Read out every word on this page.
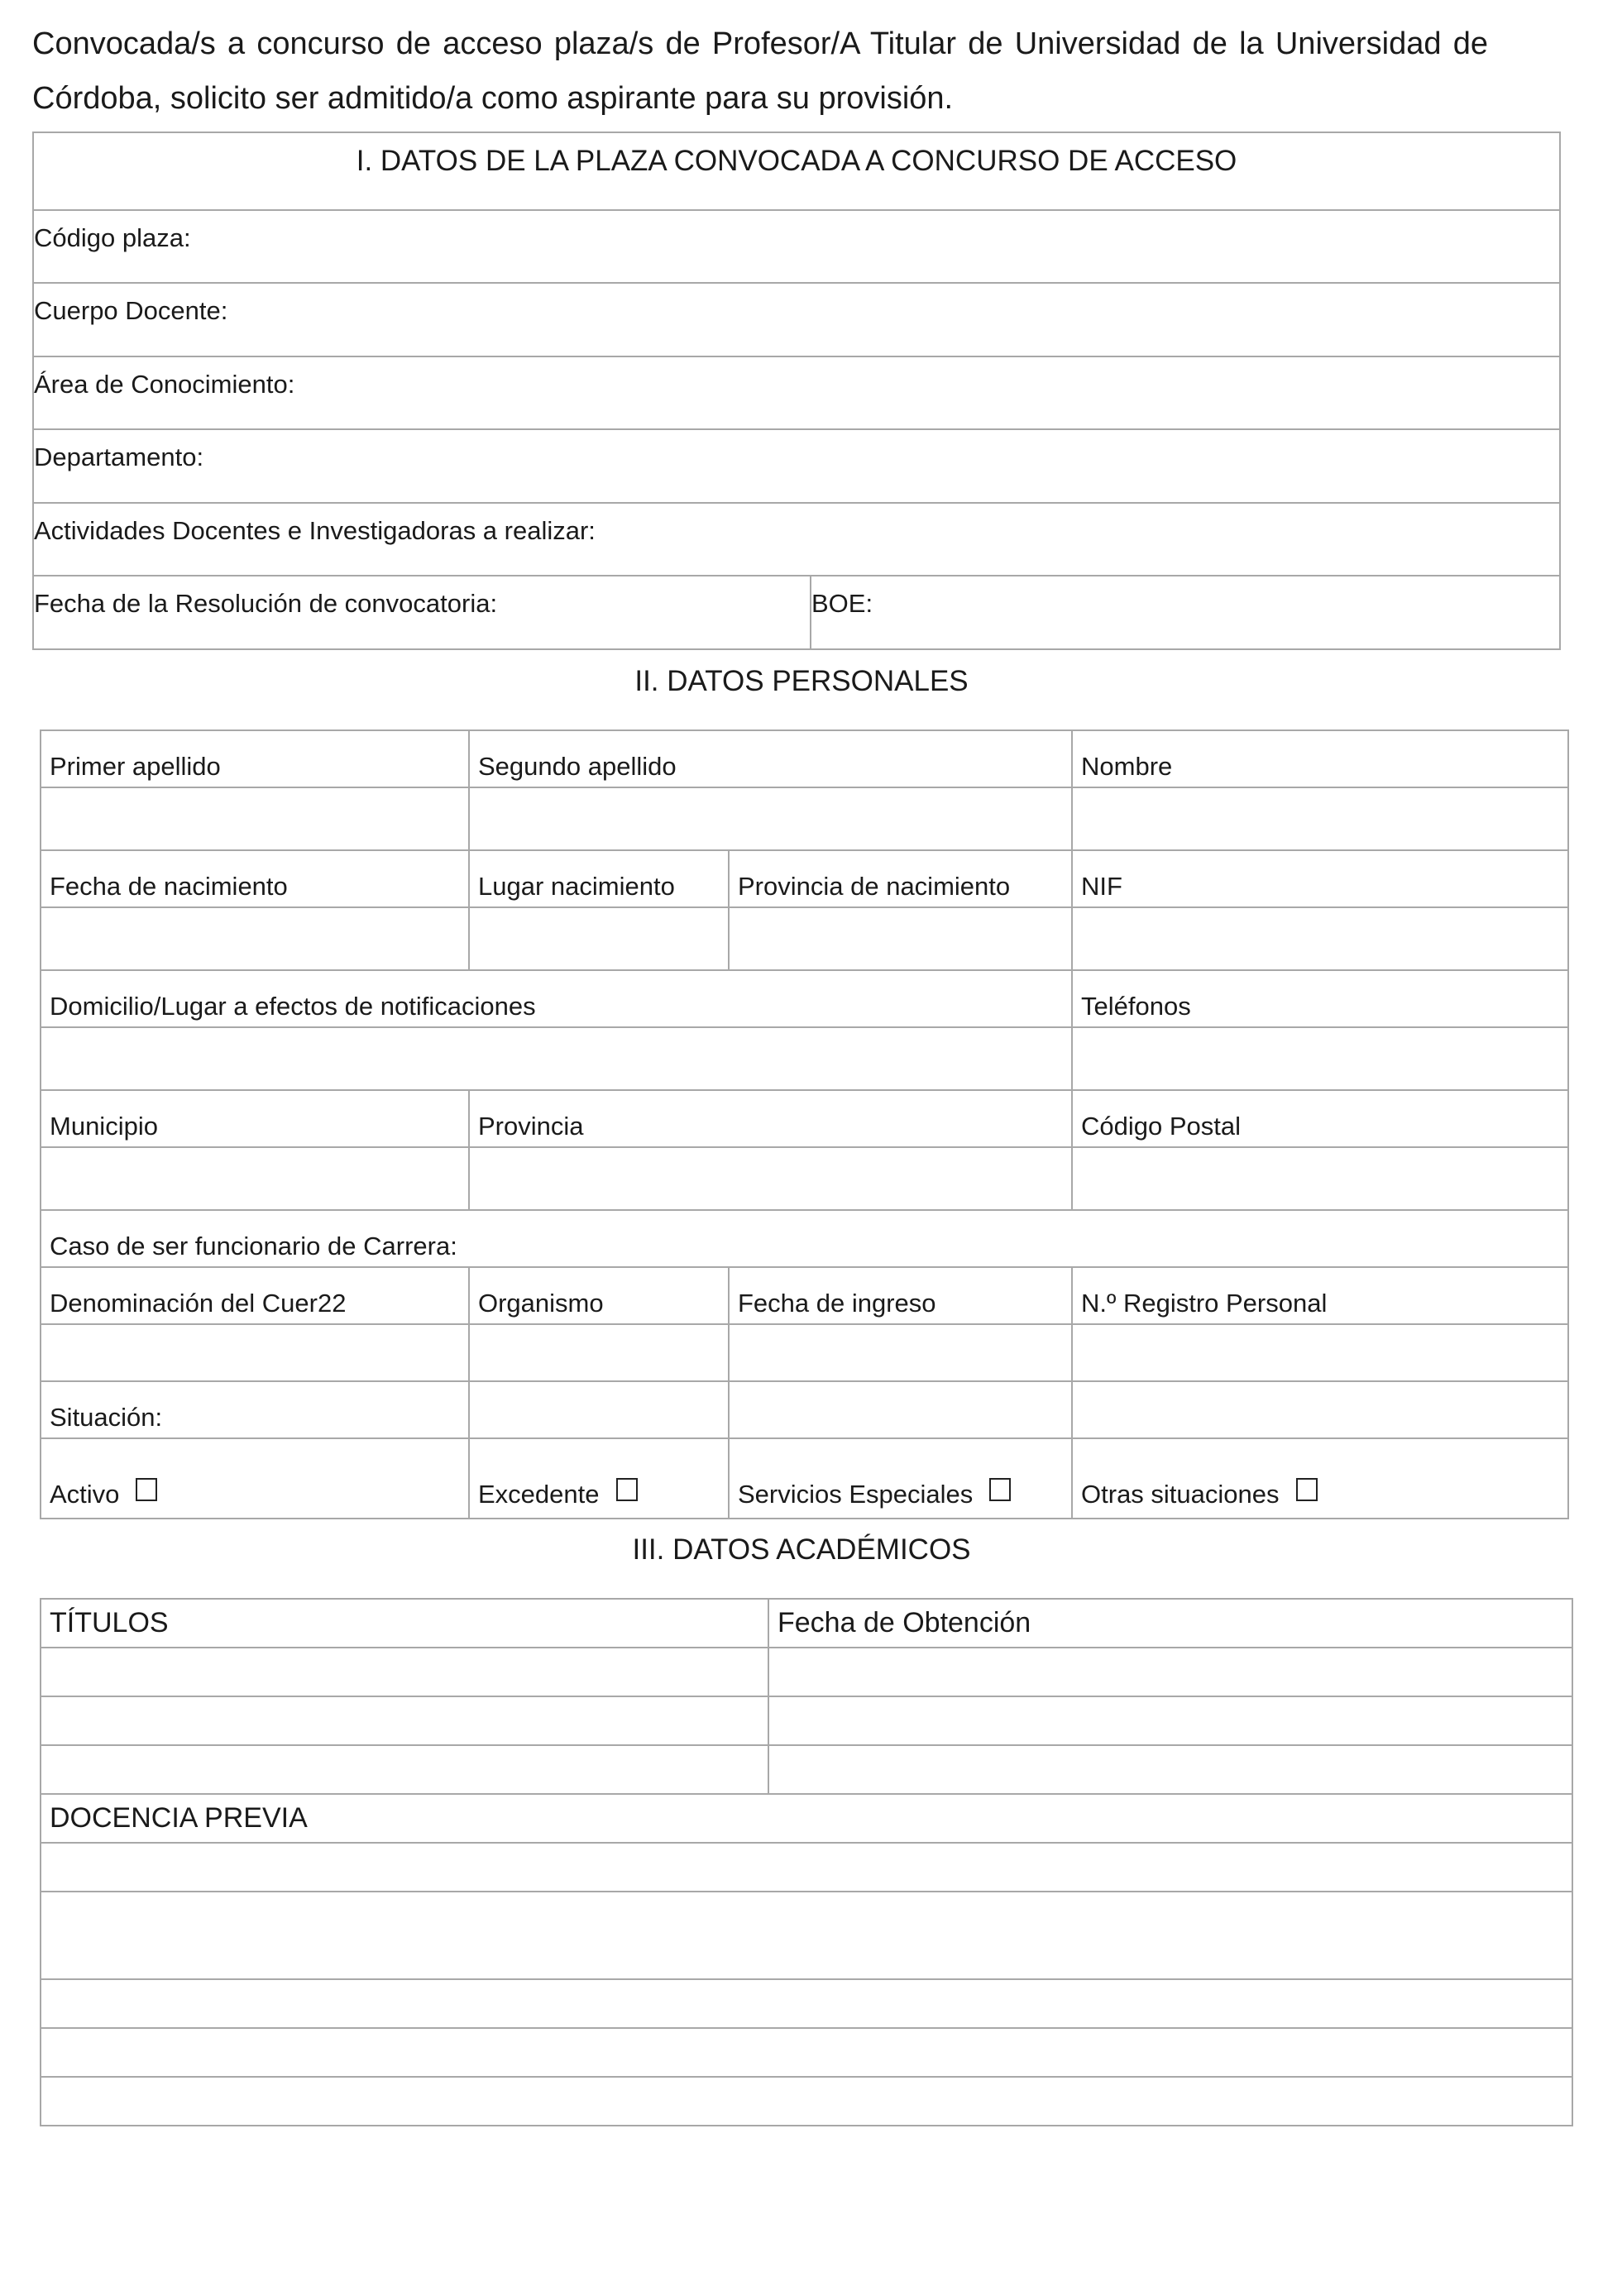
Convocada/s a concurso de acceso plaza/s de Profesor/A Titular de Universidad de la Universidad de Córdoba, solicito ser admitido/a como aspirante para su provisión.

I. DATOS DE LA PLAZA CONVOCADA A CONCURSO DE ACCESO
Código plaza:
Cuerpo Docente:
Área de Conocimiento:
Departamento:
Actividades Docentes e Investigadoras a realizar:
Fecha de la Resolución de convocatoria:	BOE:
II. DATOS PERSONALES
Primer apellido	Segundo apellido		Nombre

Fecha de nacimiento	Lugar nacimiento	Provincia de nacimiento	NIF

Domicilio/Lugar a efectos de notificaciones			Teléfonos

Municipio	Provincia		Código Postal

Caso de ser funcionario de Carrera:			
Denominación del Cuer22	Organismo	Fecha de ingreso	N.º Registro Personal

Situación:			
Activo	Excedente	Servicios Especiales	Otras situaciones
III. DATOS ACADÉMICOS
TÍTULOS	Fecha de Obtención

DOCENCIA PREVIA	
